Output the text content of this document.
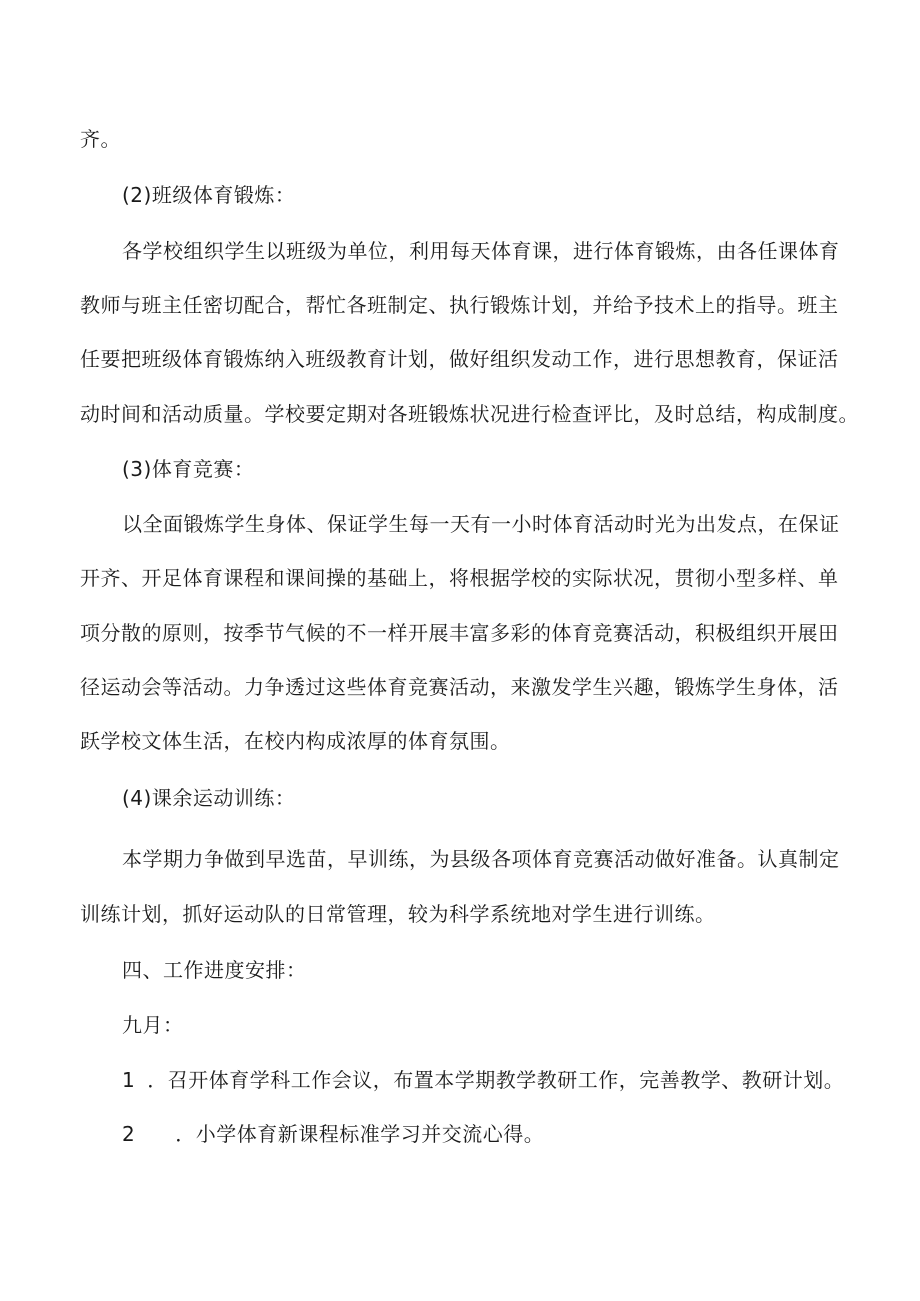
齐。

(2)班级体育锻炼：

各学校组织学生以班级为单位，利用每天体育课，进行体育锻炼，由各任课体育

教师与班主任密切配合，帮忙各班制定、执行锻炼计划，并给予技术上的指导。班主

任要把班级体育锻炼纳入班级教育计划，做好组织发动工作，进行思想教育，保证活

动时间和活动质量。学校要定期对各班锻炼状况进行检查评比，及时总结，构成制度。

(3)体育竞赛：

以全面锻炼学生身体、保证学生每一天有一小时体育活动时光为出发点，在保证

开齐、开足体育课程和课间操的基础上，将根据学校的实际状况，贯彻小型多样、单

项分散的原则，按季节气候的不一样开展丰富多彩的体育竞赛活动，积极组织开展田

径运动会等活动。力争透过这些体育竞赛活动，来激发学生兴趣，锻炼学生身体，活

跃学校文体生活，在校内构成浓厚的体育氛围。

(4)课余运动训练：

本学期力争做到早选苗，早训练，为县级各项体育竞赛活动做好准备。认真制定

训练计划，抓好运动队的日常管理，较为科学系统地对学生进行训练。

四、工作进度安排：

九月：

1 ．召开体育学科工作会议，布置本学期教学教研工作，完善教学、教研计划。

2 ．小学体育新课程标准学习并交流心得。
